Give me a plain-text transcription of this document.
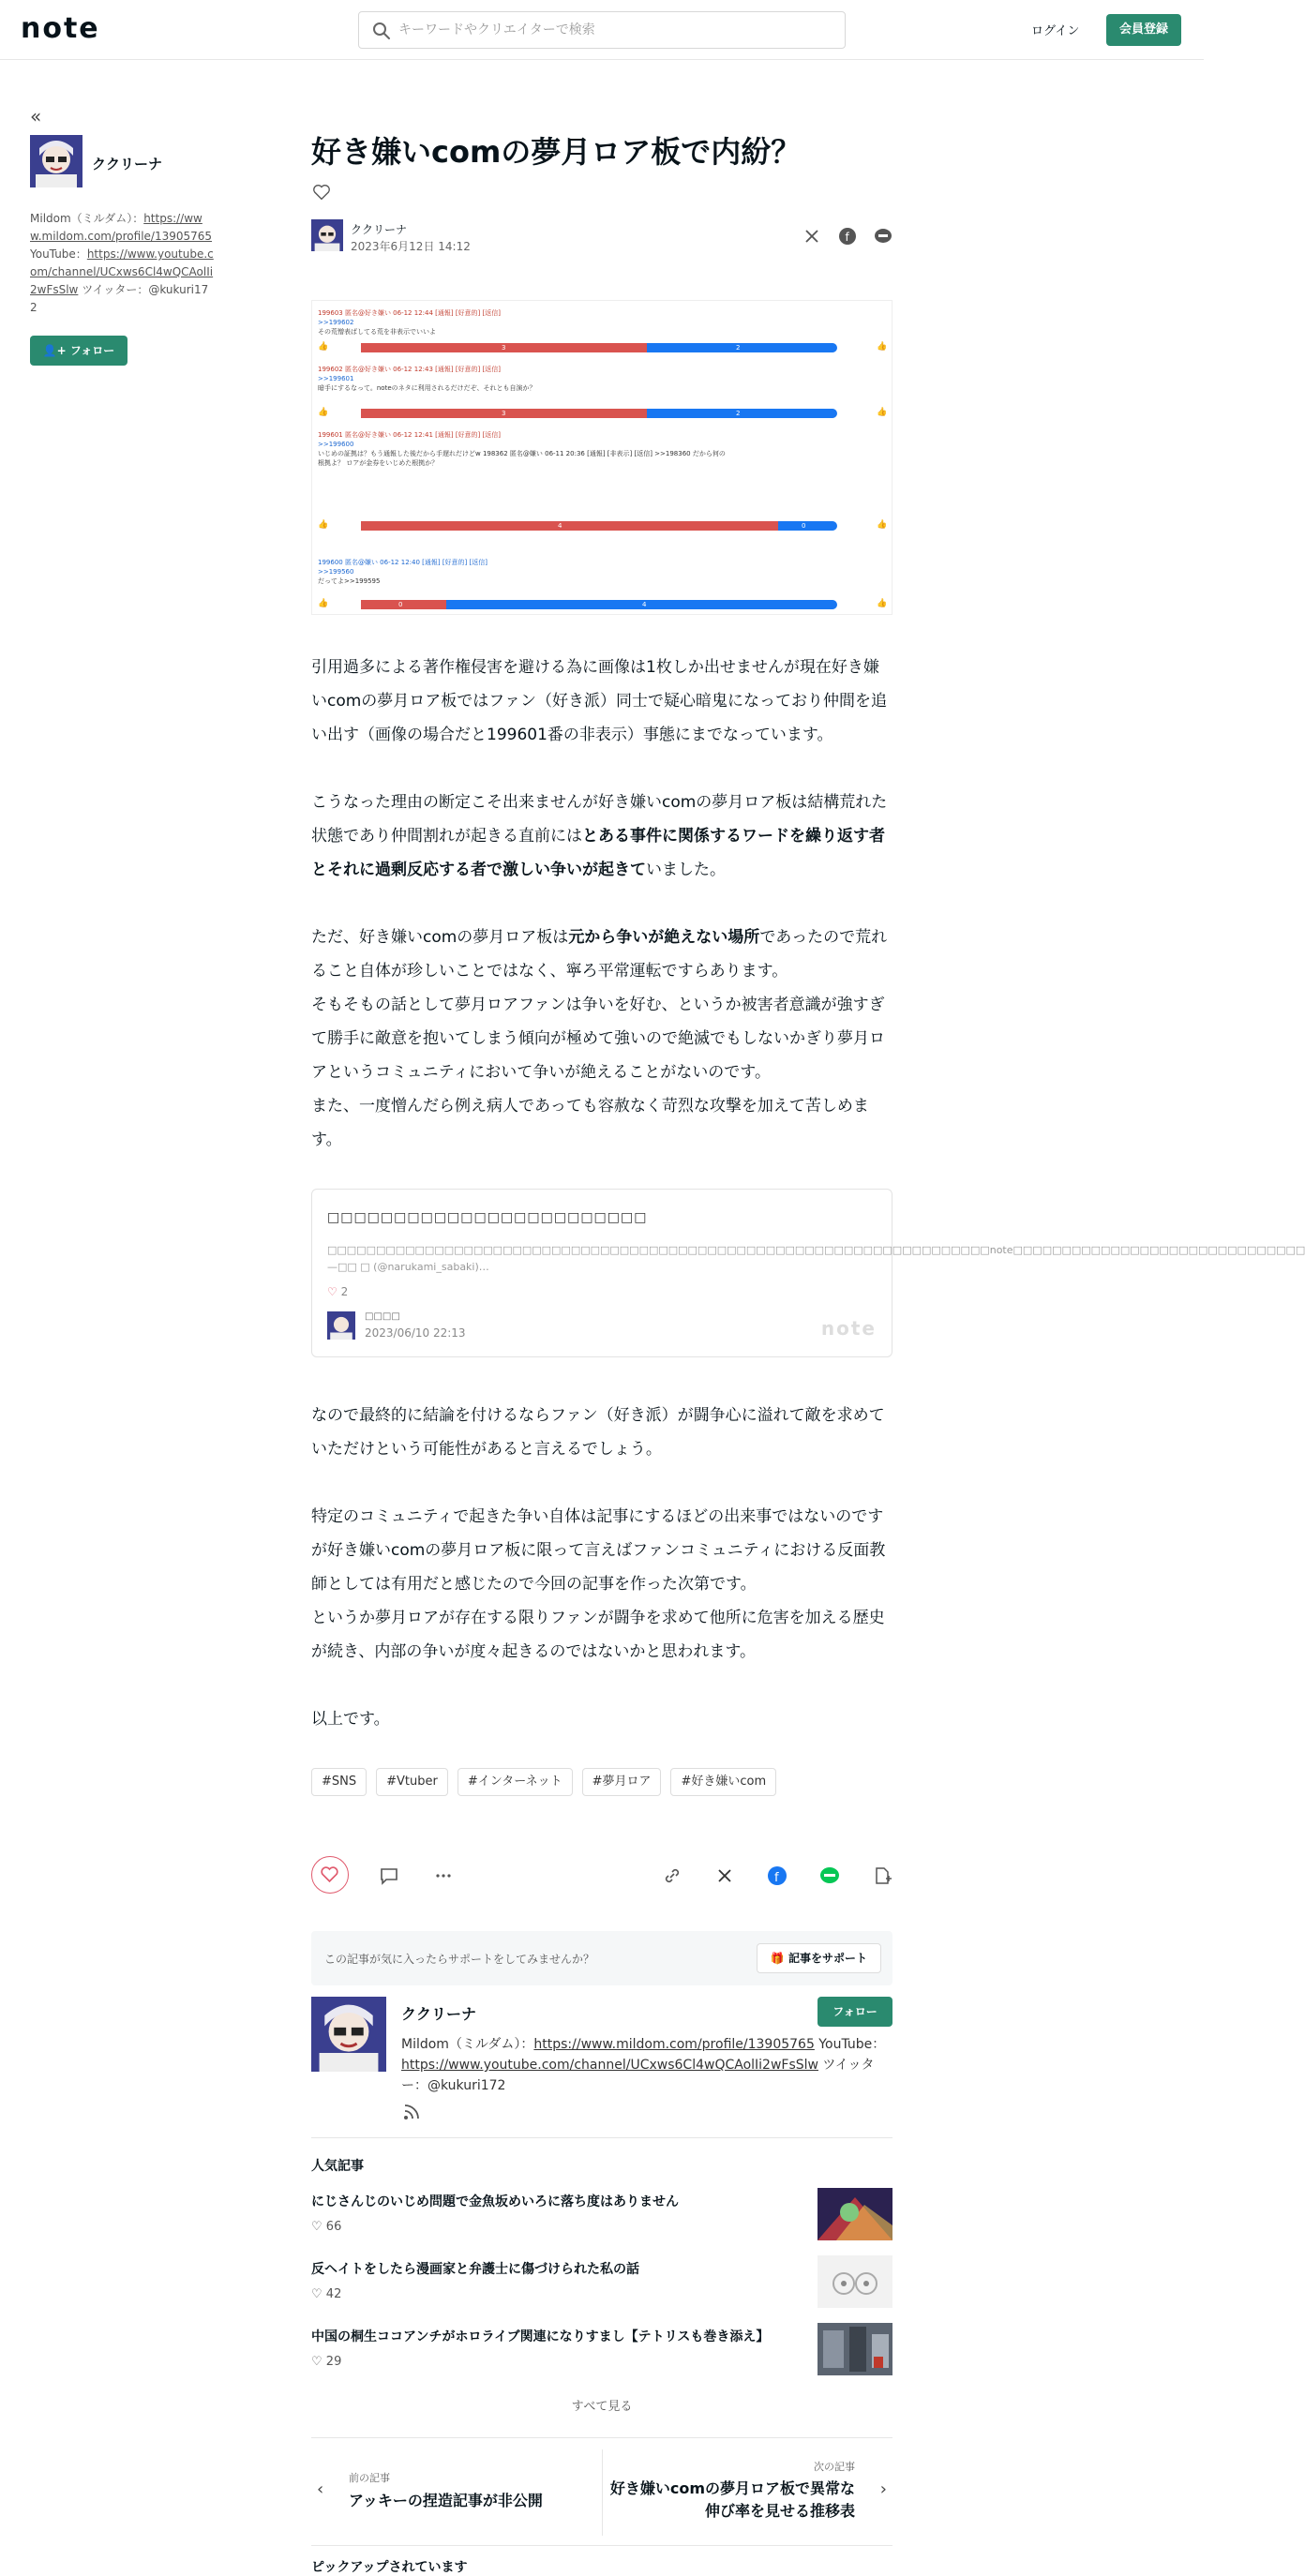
note
キーワードやクリエイターで検索	ログイン	会員登録
«
ククリーナ
Mildom（ミルダム）：https://www.mildom.com/profile/13905765 YouTube：https://www.youtube.com/channel/UCxws6Cl4wQCAolIi2wFsSlw ツイッター：@kukuri172
👤+ フォロー
好き嫌いcomの夢月ロア板で内紛？
ククリーナ
2023年6月12日 14:12
f
199603 匿名@好き嫌い 06-12 12:44 [通報] [好意的] [返信]
>>199602
その荒憎表ばしてる荒を非表示でいいよ
👍	3	2	👍
199602 匿名@好き嫌い 06-12 12:43 [通報] [好意的] [返信]
>>199601
暗手にするなって。noteのネタに利用されるだけだぞ、それとも自演か？
👍	3	2	👍
199601 匿名@好き嫌い 06-12 12:41 [通報] [好意的] [返信]
>>199600
いじめの証拠は？もう通報した後だから手遅れだけどw 198362 匿名@嫌い 06-11 20:36 [通報] [非表示] [返信] >>198360 だから何の根拠よ？ ロアが金券をいじめた根拠か？
👍	4	0	👍
199600 匿名@嫌い 06-12 12:40 [通報] [好意的] [返信]
>>199560
だってよ>>199595
👍	0	4	👍
引用過多による著作権侵害を避ける為に画像は1枚しか出せませんが現在好き嫌いcomの夢月ロア板ではファン（好き派）同士で疑心暗鬼になっており仲間を追い出す（画像の場合だと199601番の非表示）事態にまでなっています。
こうなった理由の断定こそ出来ませんが好き嫌いcomの夢月ロア板は結構荒れた状態であり仲間割れが起きる直前にはとある事件に関係するワードを繰り返す者とそれに過剰反応する者で激しい争いが起きていました。
ただ、好き嫌いcomの夢月ロア板は元から争いが絶えない場所であったので荒れること自体が珍しいことではなく、寧ろ平常運転ですらあります。
そもそもの話として夢月ロアファンは争いを好む、というか被害者意識が強すぎて勝手に敵意を抱いてしまう傾向が極めて強いので絶滅でもしないかぎり夢月ロアというコミュニティにおいて争いが絶えることがないのです。
また、一度憎んだら例え病人であっても容赦なく苛烈な攻撃を加えて苦しめます。
□□□□□□□□□□□□□□□□□□□□□□□□
□□□□□□□□□□□□□□□□□□□□□□□□□□□□□□□□□□□□□□□□□□□□□□□□□□□□□□□□□□□□□□□□□□□□note□□□□□□□□□□□□□□□□□□□□□□□□□□□□□□—□□ □ (@narukami_sabaki)…
♡ 2
□□□□
2023/06/10 22:13	note
なので最終的に結論を付けるならファン（好き派）が闘争心に溢れて敵を求めていただけという可能性があると言えるでしょう。
特定のコミュニティで起きた争い自体は記事にするほどの出来事ではないのですが好き嫌いcomの夢月ロア板に限って言えばファンコミュニティにおける反面教師としては有用だと感じたので今回の記事を作った次第です。
というか夢月ロアが存在する限りファンが闘争を求めて他所に危害を加える歴史が続き、内部の争いが度々起きるのではないかと思われます。
以上です。
#SNS	#Vtuber	#インターネット	#夢月ロア	#好き嫌いcom
f
この記事が気に入ったらサポートをしてみませんか？	🎁 記事をサポート
ククリーナ	フォロー
Mildom（ミルダム）：https://www.mildom.com/profile/13905765 YouTube：https://www.youtube.com/channel/UCxws6Cl4wQCAolIi2wFsSlw ツイッター：@kukuri172
人気記事
にじさんじのいじめ問題で金魚坂めいろに落ち度はありません
♡ 66
反ヘイトをしたら漫画家と弁護士に傷づけられた私の話
♡ 42
中国の桐生ココアンチがホロライブ関連になりすまし【テトリスも巻き添え】
♡ 29
すべて見る
‹
前の記事
アッキーの捏造記事が非公開
次の記事
好き嫌いcomの夢月ロア板で異常な伸び率を見せる推移表
›
ピックアップされています
